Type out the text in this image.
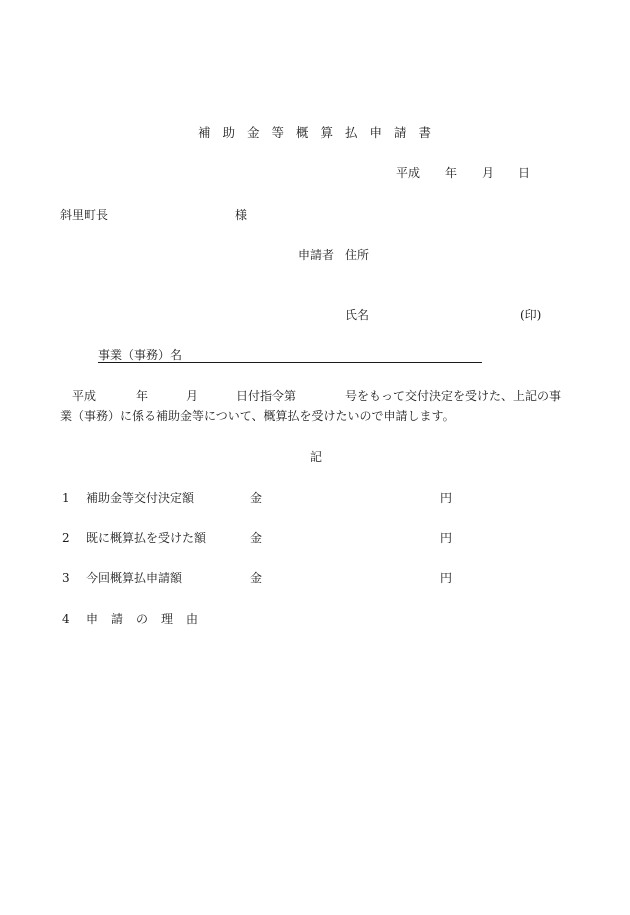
補助金等概算払申請書
平成 年 月 日
斜里町長	様
申請者 住所
氏名	(印)
事業（事務）名
平成	年	月	日付指令第	号をもって交付決定を受けた、上記の事
業（事務）に係る補助金等について、概算払を受けたいので申請します。
記
1 補助金等交付決定額	金	円
2 既に概算払を受けた額	金	円
3 今回概算払申請額	金	円
4 申請の理由
